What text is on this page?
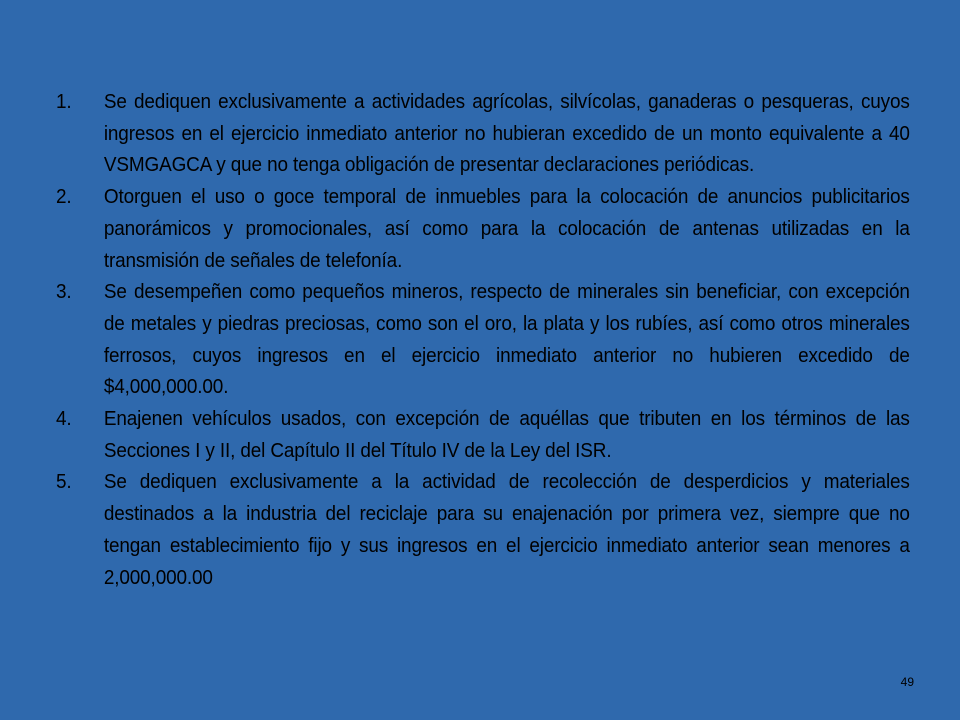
1.	Se dediquen exclusivamente a actividades agrícolas, silvícolas, ganaderas o pesqueras, cuyos ingresos en el ejercicio inmediato anterior no hubieran excedido de un monto equivalente a 40 VSMGAGCA y que no tenga obligación de presentar declaraciones periódicas.
2.	Otorguen el uso o goce temporal de inmuebles para la colocación de anuncios publicitarios panorámicos y promocionales, así como para la colocación de antenas utilizadas en la transmisión de señales de telefonía.
3.	Se desempeñen como pequeños mineros, respecto de minerales sin beneficiar, con excepción de metales y piedras preciosas, como son el oro, la plata y los rubíes, así como otros minerales ferrosos, cuyos ingresos en el ejercicio inmediato anterior no hubieren excedido de $4,000,000.00.
4.	Enajenen vehículos usados, con excepción de aquéllas que tributen en los términos de las Secciones I y II, del Capítulo II del Título IV de la Ley del ISR.
5.	Se dediquen exclusivamente a la actividad de recolección de desperdicios y materiales destinados a la industria del reciclaje para su enajenación por primera vez, siempre que no tengan establecimiento fijo y sus ingresos en el ejercicio inmediato anterior sean menores a 2,000,000.00
49
